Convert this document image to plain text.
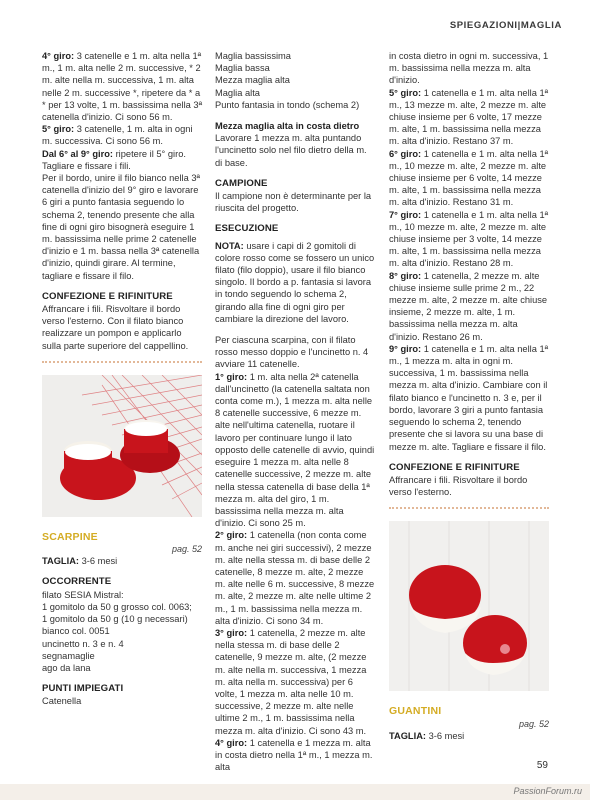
SPIEGAZIONI|MAGLIA

4° giro: 3 catenelle e 1 m. alta nella 1ª m., 1 m. alta nelle 2 m. successive, * 2 m. alte nella m. successiva, 1 m. alta nelle 2 m. successive *, ripetere da * a * per 13 volte, 1 m. bassissima nella 3ª catenella d'inizio. Ci sono 56 m.

5° giro: 3 catenelle, 1 m. alta in ogni m. successiva. Ci sono 56 m.

Dal 6° al 9° giro: ripetere il 5° giro. Tagliare e fissare i fili.

Per il bordo, unire il filo bianco nella 3ª catenella d'inizio del 9° giro e lavorare 6 giri a punto fantasia seguendo lo schema 2, tenendo presente che alla fine di ogni giro bisognerà eseguire 1 m. bassissima nelle prime 2 catenelle d'inizio e 1 m. bassa nella 3ª catenella d'inizio, quindi girare. Al termine, tagliare e fissare il filo.

CONFEZIONE E RIFINITURE

Affrancare i fili. Risvoltare il bordo verso l'esterno. Con il filato bianco realizzare un pompon e applicarlo sulla parte superiore del cappellino.

SCARPINE

pag. 52

TAGLIA: 3-6 mesi

OCCORRENTE

filato SESIA Mistral:

1 gomitolo da 50 g grosso col. 0063;

1 gomitolo da 50 g (10 g necessari) bianco col. 0051

uncinetto n. 3 e n. 4

segnamaglie

ago da lana

PUNTI IMPIEGATI

Catenella

Maglia bassissima

Maglia bassa

Mezza maglia alta

Maglia alta

Punto fantasia in tondo (schema 2)

Mezza maglia alta in costa dietro

Lavorare 1 mezza m. alta puntando l'uncinetto solo nel filo dietro della m. di base.

CAMPIONE

Il campione non è determinante per la riuscita del progetto.

ESECUZIONE

NOTA: usare i capi di 2 gomitoli di colore rosso come se fossero un unico filato (filo doppio), usare il filo bianco singolo. Il bordo a p. fantasia si lavora in tondo seguendo lo schema 2, girando alla fine di ogni giro per cambiare la direzione del lavoro.

Per ciascuna scarpina, con il filato rosso messo doppio e l'uncinetto n. 4 avviare 11 catenelle.

1° giro: 1 m. alta nella 2ª catenella dall'uncinetto (la catenella saltata non conta come m.), 1 mezza m. alta nelle 8 catenelle successive, 6 mezze m. alte nell'ultima catenella, ruotare il lavoro per continuare lungo il lato opposto delle catenelle di avvio, quindi eseguire 1 mezza m. alta nelle 8 catenelle successive, 2 mezze m. alte nella stessa catenella di base della 1ª mezza m. alta del giro, 1 m. bassissima nella mezza m. alta d'inizio. Ci sono 25 m.

2° giro: 1 catenella (non conta come m. anche nei giri successivi), 2 mezze m. alte nella stessa m. di base delle 2 catenelle, 8 mezze m. alte, 2 mezze m. alte nelle 6 m. successive, 8 mezze m. alte, 2 mezze m. alte nelle ultime 2 m., 1 m. bassissima nella mezza m. alta d'inizio. Ci sono 34 m.

3° giro: 1 catenella, 2 mezze m. alte nella stessa m. di base delle 2 catenelle, 9 mezze m. alte, (2 mezze m. alte nella m. successiva, 1 mezza m. alta nella m. successiva) per 6 volte, 1 mezza m. alta nelle 10 m. successive, 2 mezze m. alte nelle ultime 2 m., 1 m. bassissima nella mezza m. alta d'inizio. Ci sono 43 m.

4° giro: 1 catenella e 1 mezza m. alta in costa dietro nella 1ª m., 1 mezza m. alta

in costa dietro in ogni m. successiva, 1 m. bassissima nella mezza m. alta d'inizio.

5° giro: 1 catenella e 1 m. alta nella 1ª m., 13 mezze m. alte, 2 mezze m. alte chiuse insieme per 6 volte, 17 mezze m. alte, 1 m. bassissima nella mezza m. alta d'inizio. Restano 37 m.

6° giro: 1 catenella e 1 m. alta nella 1ª m., 10 mezze m. alte, 2 mezze m. alte chiuse insieme per 6 volte, 14 mezze m. alte, 1 m. bassissima nella mezza m. alta d'inizio. Restano 31 m.

7° giro: 1 catenella e 1 m. alta nella 1ª m., 10 mezze m. alte, 2 mezze m. alte chiuse insieme per 3 volte, 14 mezze m. alte, 1 m. bassissima nella mezza m. alta d'inizio. Restano 28 m.

8° giro: 1 catenella, 2 mezze m. alte chiuse insieme sulle prime 2 m., 22 mezze m. alte, 2 mezze m. alte chiuse insieme, 2 mezze m. alte, 1 m. bassissima nella mezza m. alta d'inizio. Restano 26 m.

9° giro: 1 catenella e 1 m. alta nella 1ª m., 1 mezza m. alta in ogni m. successiva, 1 m. bassissima nella mezza m. alta d'inizio. Cambiare con il filato bianco e l'uncinetto n. 3 e, per il bordo, lavorare 3 giri a punto fantasia seguendo lo schema 2, tenendo presente che si lavora su una base di mezze m. alte. Tagliare e fissare il filo.

CONFEZIONE E RIFINITURE

Affrancare i fili. Risvoltare il bordo verso l'esterno.

GUANTINI

pag. 52

TAGLIA: 3-6 mesi

59
PassionForum.ru
